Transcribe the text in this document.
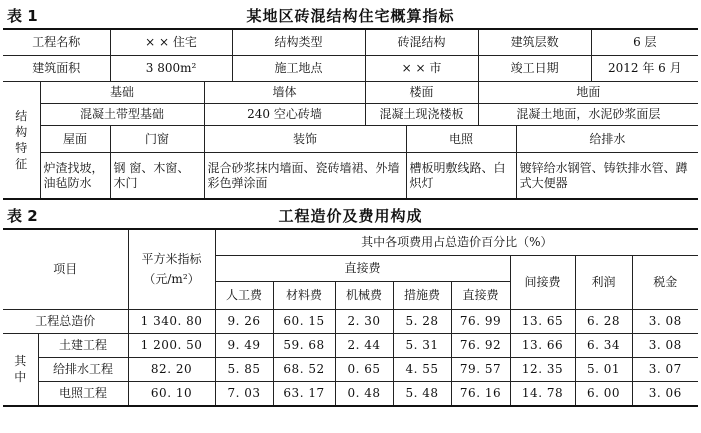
表 1	某地区砖混结构住宅概算指标
工程名称		× × 住宅		结构类型	砖混结构		建筑层数		6 层
建筑面积		3 800m²		施工地点	× × 市		竣工日期		2012 年 6 月
结构特征	基础		墙体		楼面		地面		
	混凝土带型基础		240 空心砖墙		混凝土现浇楼板		混凝土地面，水泥砂浆面层		
	屋面	门窗	装饰			电照		给排水	
	炉渣找坡，油毡防水	钢 窗、木窗、木门	混合砂浆抹内墙面、瓷砖墙裙、外墙彩色弹涂面			槽板明敷线路、白炽灯		镀锌给水钢管、铸铁排水管、蹲式大便器	
表 2	工程造价及费用构成
项目		平方米指标（元/m²）	其中各项费用占总造价百分比（%）							
			直接费					间接费	利润	税金
			人工费	材料费	机械费	措施费	直接费			
工程总造价		1 340. 80	9. 26	60. 15	2. 30	5. 28	76. 99	13. 65	6. 28	3. 08
其中	土建工程	1 200. 50	9. 49	59. 68	2. 44	5. 31	76. 92	13. 66	6. 34	3. 08
	给排水工程	82. 20	5. 85	68. 52	0. 65	4. 55	79. 57	12. 35	5. 01	3. 07
	电照工程	60. 10	7. 03	63. 17	0. 48	5. 48	76. 16	14. 78	6. 00	3. 06
